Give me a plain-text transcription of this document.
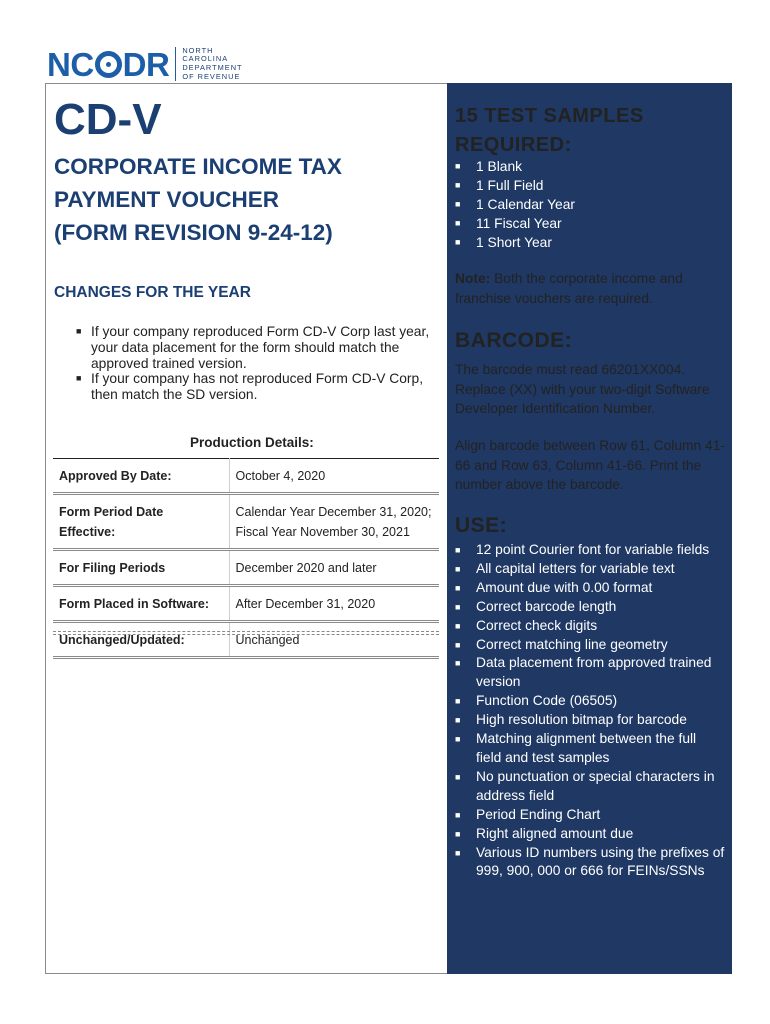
NC DR NORTH
CAROLINA
DEPARTMENT
OF REVENUE
CD-V
CORPORATE INCOME TAX
PAYMENT VOUCHER
(FORM REVISION 9-24-12)
CHANGES FOR THE YEAR
■ If your company reproduced Form CD-V Corp last year, your data placement for the form should match the approved trained version.
■ If your company has not reproduced Form CD-V Corp, then match the SD version.
Production Details:
Approved By Date:	October 4, 2020
Form Period Date Effective:	Calendar Year December 31, 2020; Fiscal Year November 30, 2021
For Filing Periods	December 2020 and later
Form Placed in Software:	After December 31, 2020
Unchanged/Updated:	Unchanged
15 TEST SAMPLES REQUIRED:
■ 1 Blank
■ 1 Full Field
■ 1 Calendar Year
■ 11 Fiscal Year
■ 1 Short Year
Note: Both the corporate income and franchise vouchers are required.
BARCODE:
The barcode must read 66201XX004. Replace (XX) with your two-digit Software Developer Identification Number.
Align barcode between Row 61, Column 41-66 and Row 63, Column 41-66. Print the number above the barcode.
USE:
■ 12 point Courier font for variable fields
■ All capital letters for variable text
■ Amount due with 0.00 format
■ Correct barcode length
■ Correct check digits
■ Correct matching line geometry
■ Data placement from approved trained version
■ Function Code (06505)
■ High resolution bitmap for barcode
■ Matching alignment between the full field and test samples
■ No punctuation or special characters in address field
■ Period Ending Chart
■ Right aligned amount due
■ Various ID numbers using the prefixes of 999, 900, 000 or 666 for FEINs/SSNs
